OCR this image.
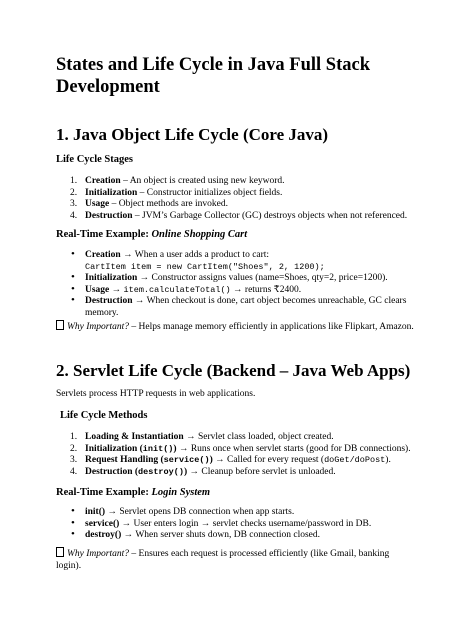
States and Life Cycle in Java Full Stack Development
1. Java Object Life Cycle (Core Java)
Life Cycle Stages
1. Creation – An object is created using new keyword.
2. Initialization – Constructor initializes object fields.
3. Usage – Object methods are invoked.
4. Destruction – JVM’s Garbage Collector (GC) destroys objects when not referenced.
Real-Time Example: Online Shopping Cart
• Creation → When a user adds a product to cart:
CartItem item = new CartItem("Shoes", 2, 1200);
• Initialization → Constructor assigns values (name=Shoes, qty=2, price=1200).
• Usage → item.calculateTotal() → returns ₹2400.
• Destruction → When checkout is done, cart object becomes unreachable, GC clears memory.

Why Important? – Helps manage memory efficiently in applications like Flipkart, Amazon.

2. Servlet Life Cycle (Backend – Java Web Apps)

Servlets process HTTP requests in web applications.

Life Cycle Methods
1. Loading & Instantiation → Servlet class loaded, object created.
2. Initialization (init()) → Runs once when servlet starts (good for DB connections).
3. Request Handling (service()) → Called for every request (doGet/doPost).
4. Destruction (destroy()) → Cleanup before servlet is unloaded.
Real-Time Example: Login System
• init() → Servlet opens DB connection when app starts.
• service() → User enters login → servlet checks username/password in DB.
• destroy() → When server shuts down, DB connection closed.

Why Important? – Ensures each request is processed efficiently (like Gmail, banking login).
